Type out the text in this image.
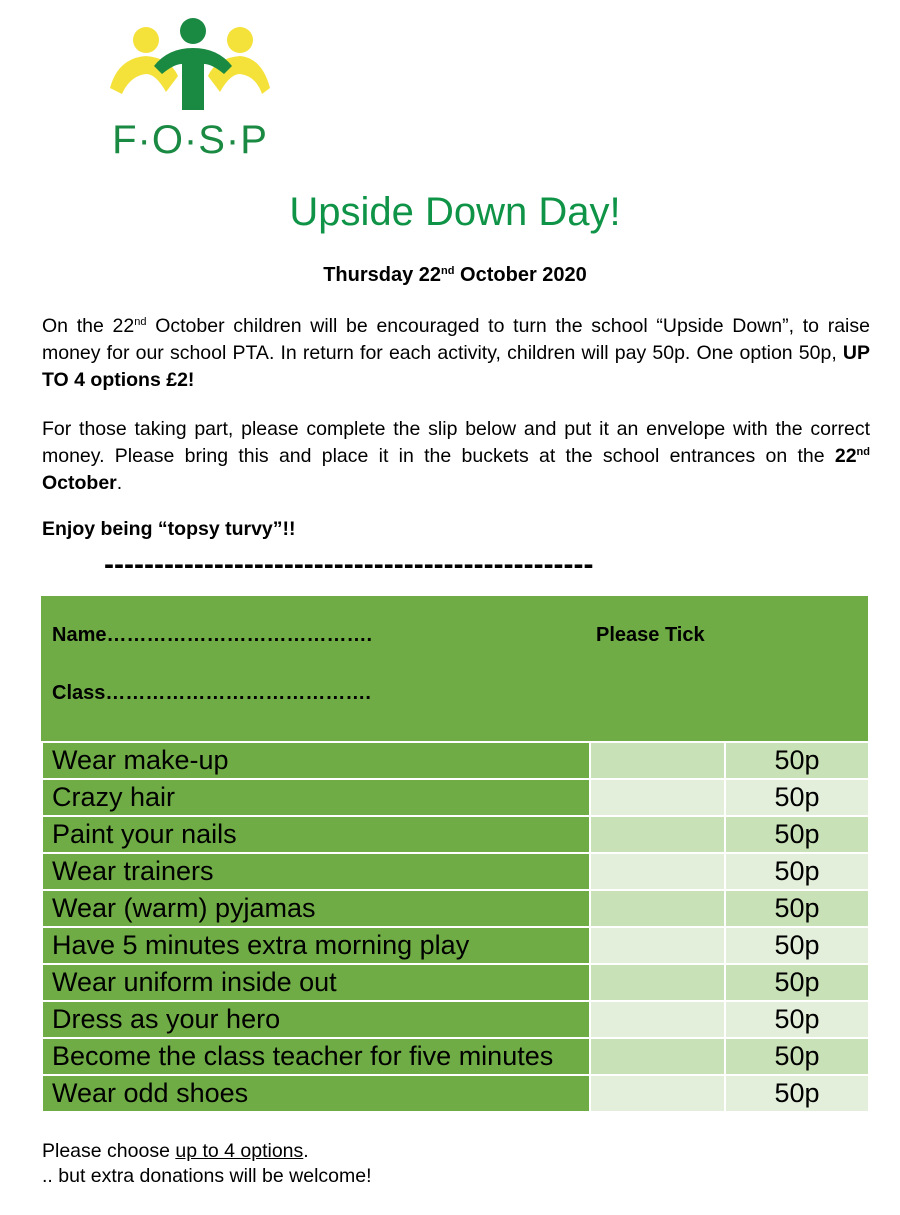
F·O·S·P
Upside Down Day!
Thursday 22nd October 2020

On the 22nd October children will be encouraged to turn the school “Upside Down”, to raise money for our school PTA. In return for each activity, children will pay 50p. One option 50p, UP TO 4 options £2!

For those taking part, please complete the slip below and put it an envelope with the correct money. Please bring this and place it in the buckets at the school entrances on the 22nd October.

Enjoy being “topsy turvy”!!
-------------------------------------------------
Name………………………………….
Class………………………………….
Please Tick
Wear make-up		50p
Crazy hair		50p
Paint your nails		50p
Wear trainers		50p
Wear (warm) pyjamas		50p
Have 5 minutes extra morning play		50p
Wear uniform inside out		50p
Dress as your hero		50p
Become the class teacher for five minutes		50p
Wear odd shoes		50p
Please choose up to 4 options.
.. but extra donations will be welcome!
